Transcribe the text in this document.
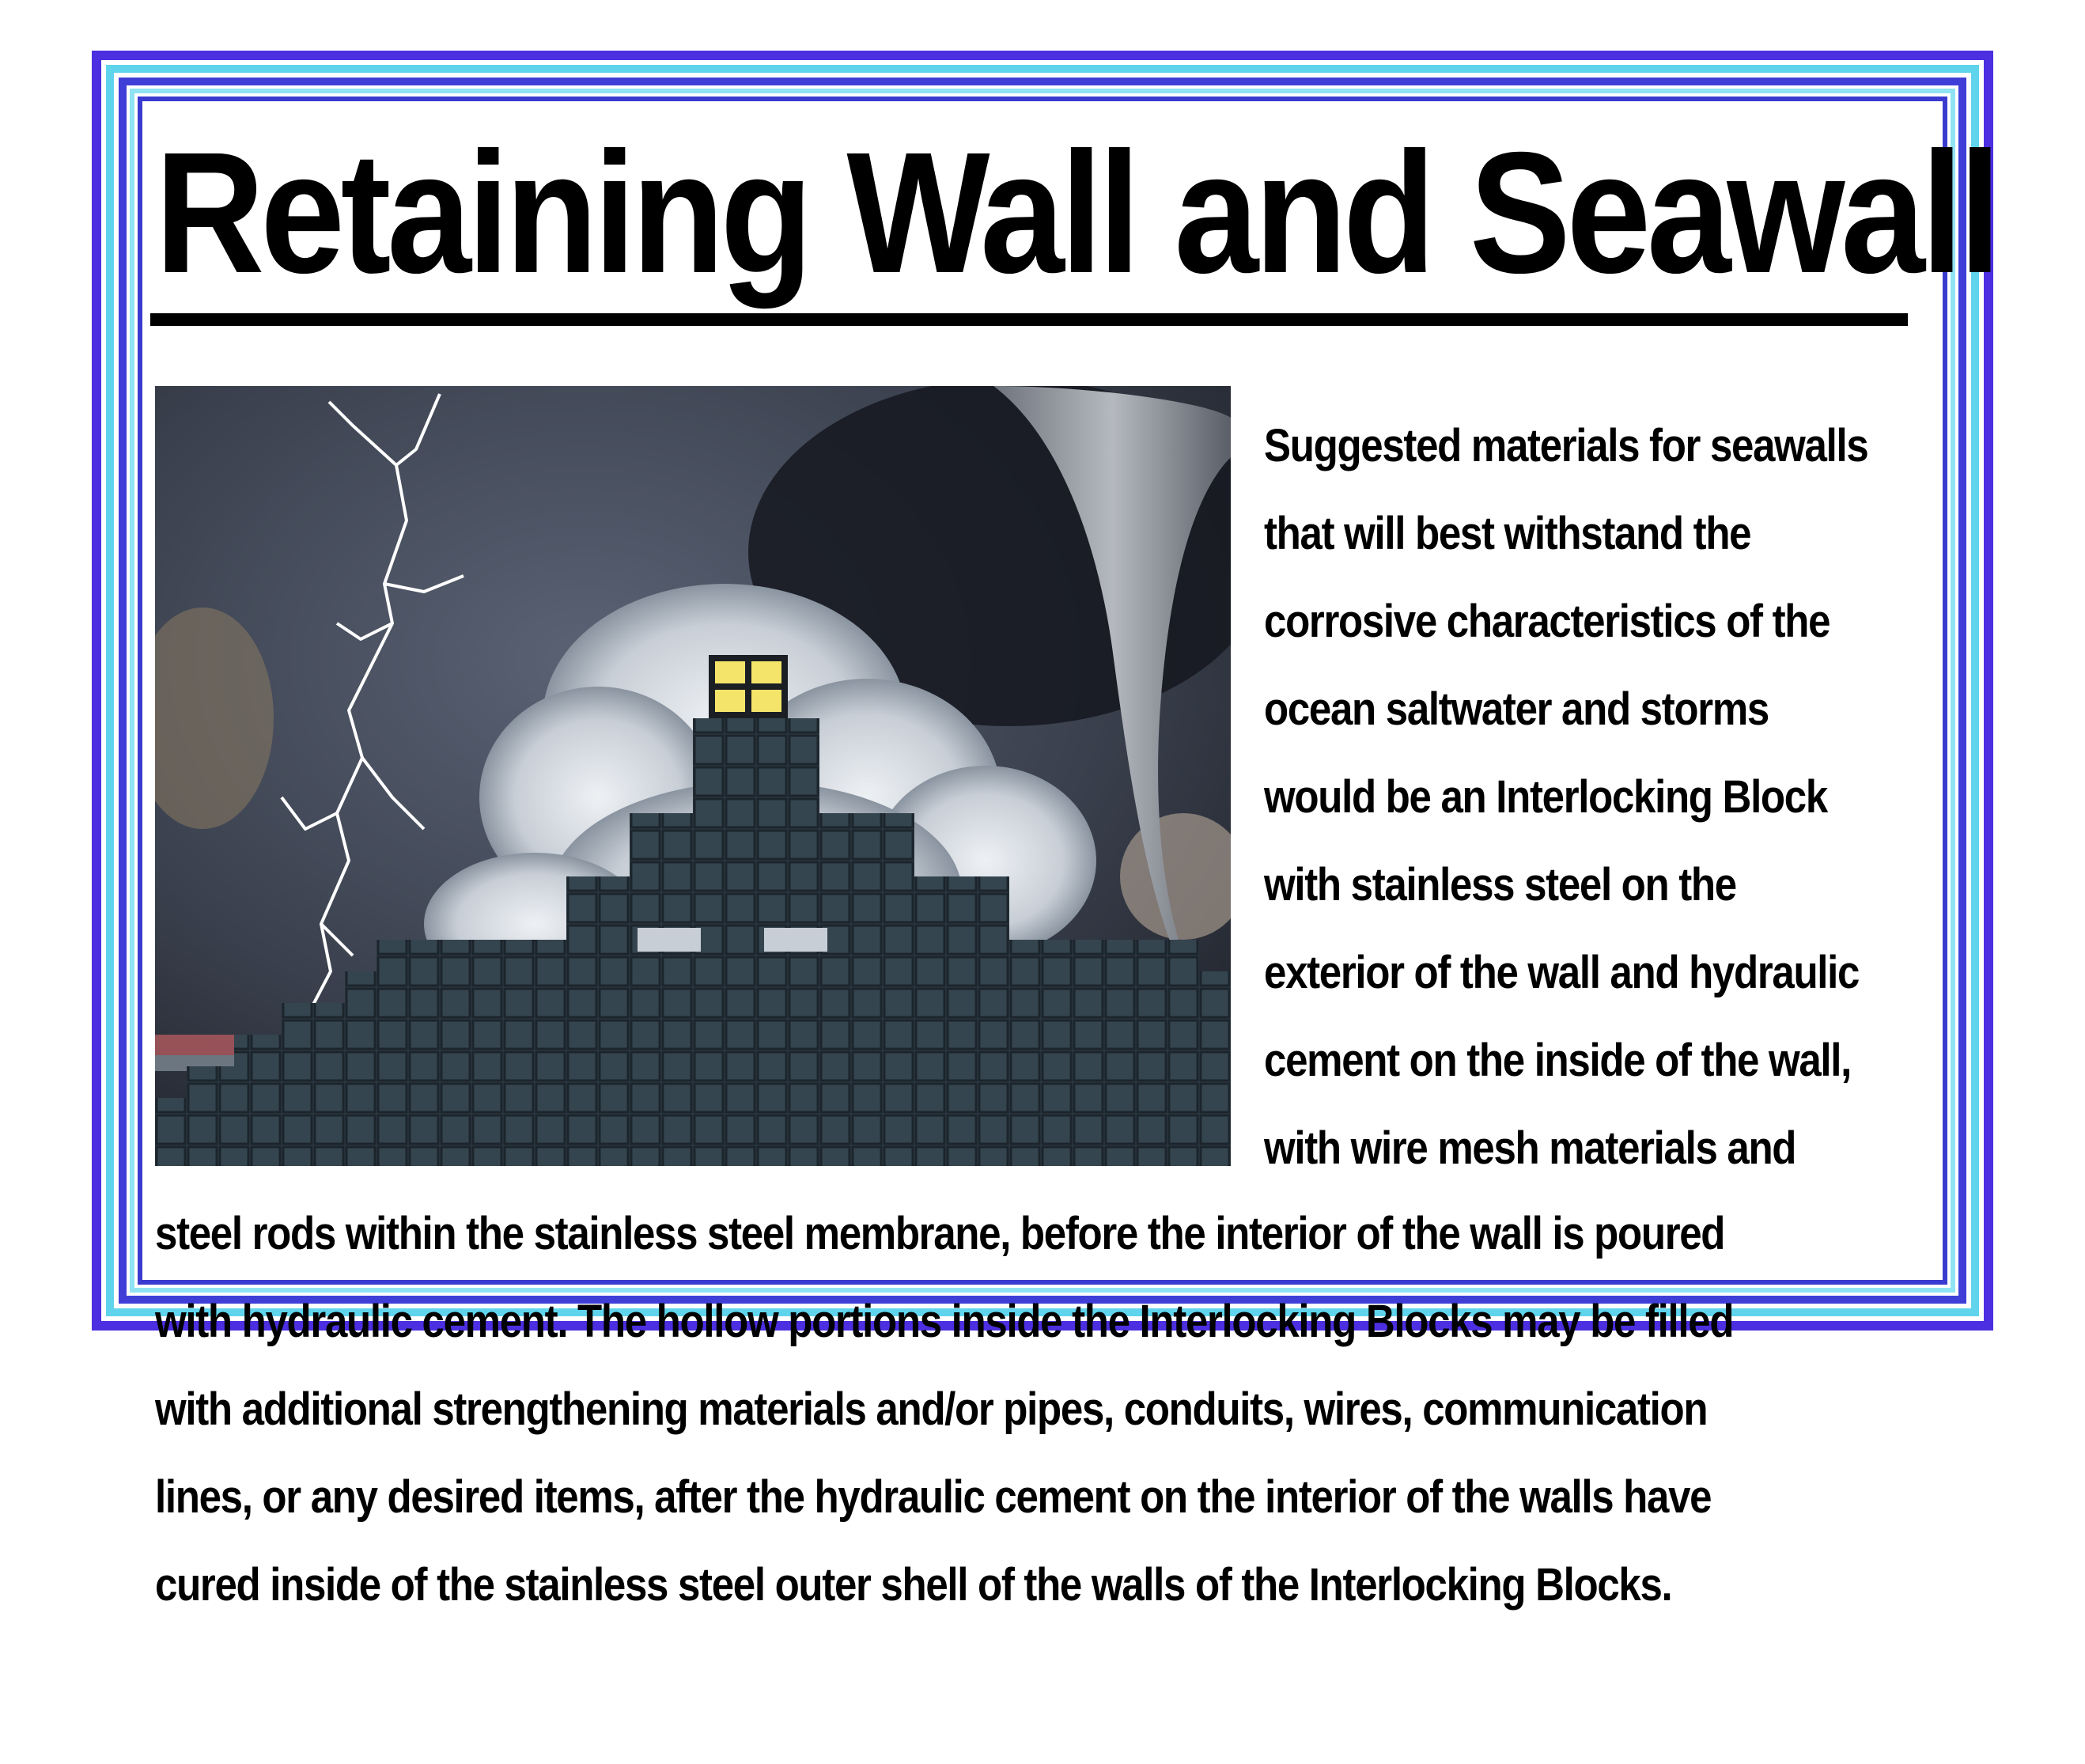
Retaining Wall and Seawall

Suggested materials for seawalls
that will best withstand the
corrosive characteristics of the
ocean saltwater and storms
would be an Interlocking Block
with stainless steel on the
exterior of the wall and hydraulic
cement on the inside of the wall,
with wire mesh materials and

steel rods within the stainless steel membrane, before the interior of the wall is poured
with hydraulic cement. The hollow portions inside the Interlocking Blocks may be filled
with additional strengthening materials and/or pipes, conduits, wires, communication
lines, or any desired items, after the hydraulic cement on the interior of the walls have
cured inside of the stainless steel outer shell of the walls of the Interlocking Blocks.
